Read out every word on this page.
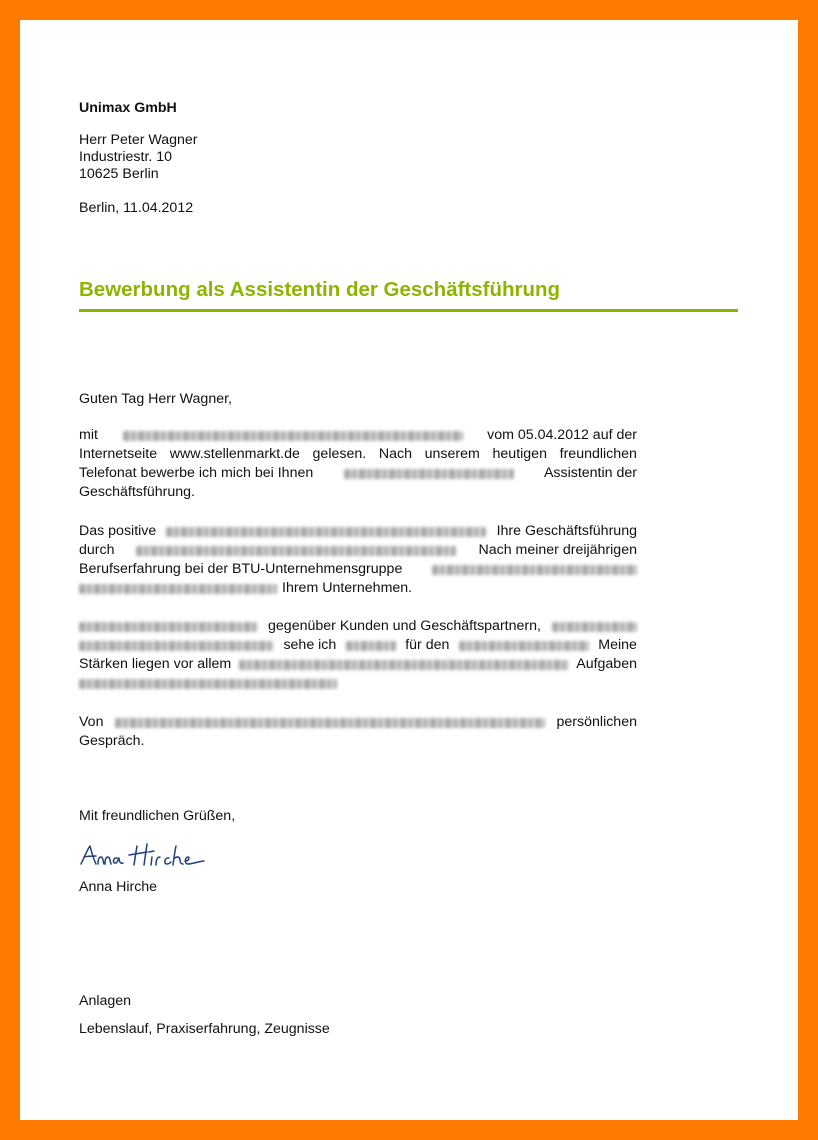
Unimax GmbH
Herr Peter Wagner
Industriestr. 10
10625 Berlin
Berlin, 11.04.2012
Bewerbung als Assistentin der Geschäftsführung
Guten Tag Herr Wagner,
mit	vom 05.04.2012 auf der
Internetseite www.stellenmarkt.de gelesen. Nach unserem heutigen freundlichen
Telefonat bewerbe ich mich bei Ihnen	Assistentin der
Geschäftsführung.
Das positive	Ihre Geschäftsführung
durch	Nach meiner dreijährigen
Berufserfahrung bei der BTU-Unternehmensgruppe
Ihrem Unternehmen.
gegenüber Kunden und Geschäftspartnern,
sehe ich	für den	Meine
Stärken liegen vor allem	Aufgaben
Von	persönlichen
Gespräch.
Mit freundlichen Grüßen,
Anna Hirche
Anlagen
Lebenslauf, Praxiserfahrung, Zeugnisse
